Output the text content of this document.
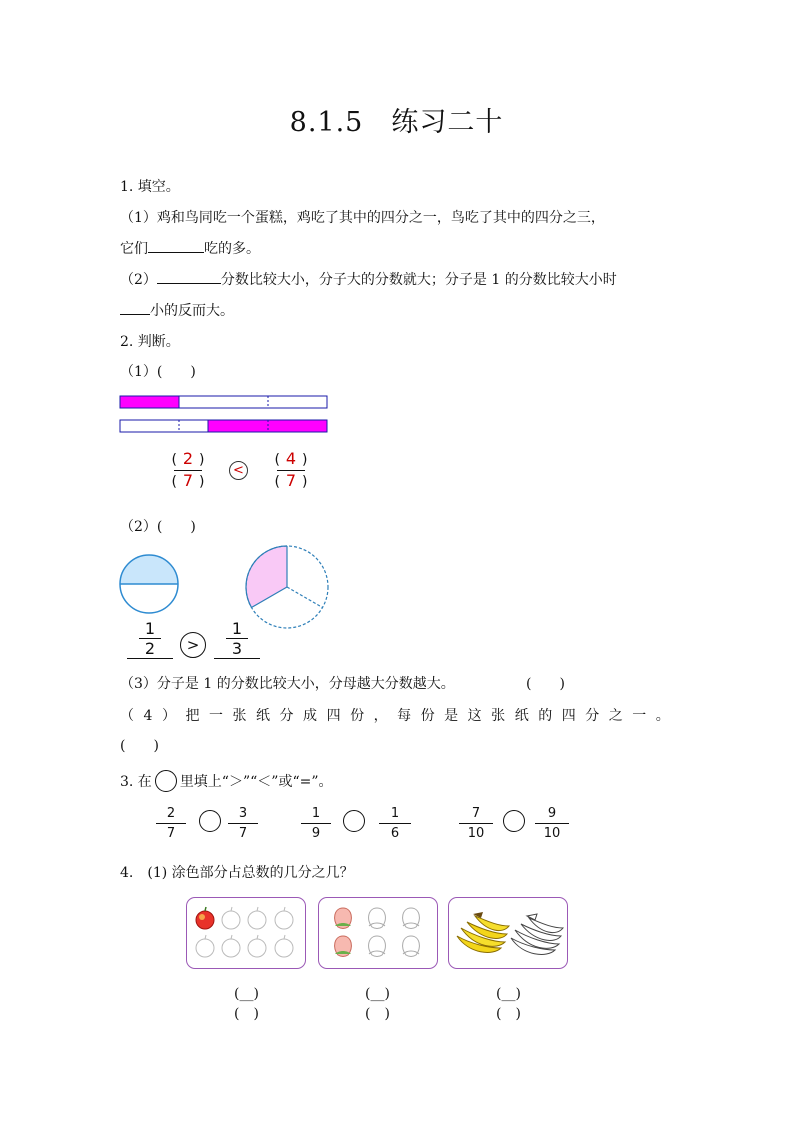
8.1.5　练习二十
1. 填空。
（1）鸡和鸟同吃一个蛋糕，鸡吃了其中的四分之一，鸟吃了其中的四分之三，
它们	吃的多。
（2）	分数比较大小，分子大的分数就大；分子是 1 的分数比较大小时
小的反而大。
2. 判断。
（1）(　　)
( 2 )
( 7 )
<
( 4 )
( 7 )
（2）(　　)
1
2	>
1
3
（3）分子是 1 的分数比较大小，分母越大分数越大。	(　　)
（ 4 ） 把 一 张 纸 分 成 四 份 ， 每 份 是 这 张 纸 的 四 分 之 一 。
(　　)
3. 在 里填上“＞”“＜”或“=”。
2
7
3
7
1
9
1
6
7
10
9
10
4.　(1) 涂色部分占总数的几分之几？
(__)
(　)
(__)
(　)
(__)
(　)
